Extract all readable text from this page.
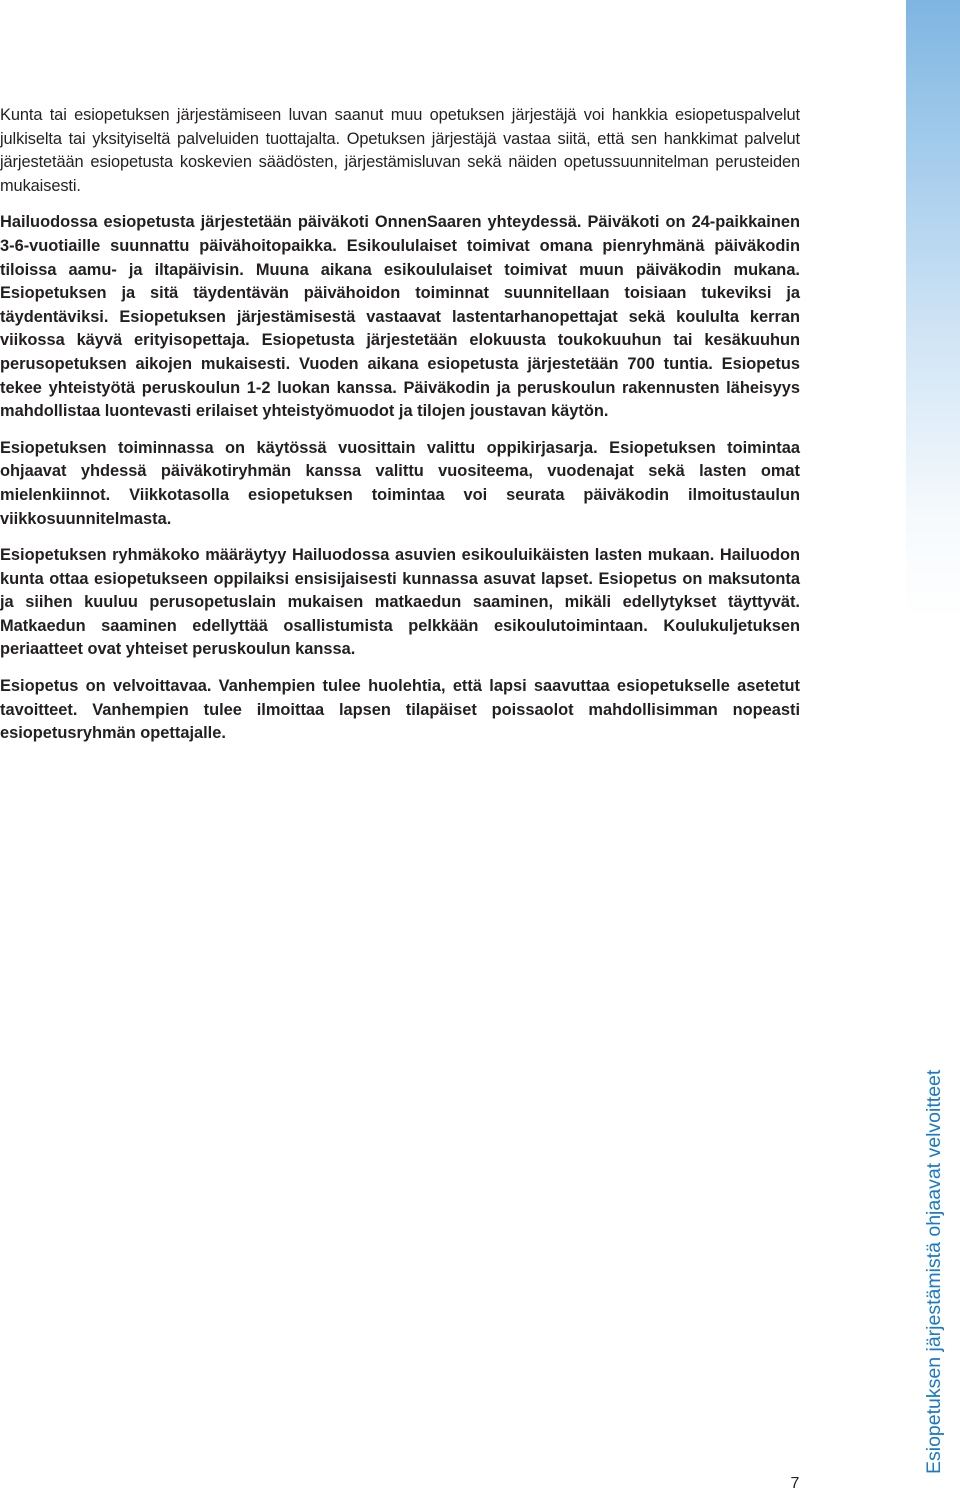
Kunta tai esiopetuksen järjestämiseen luvan saanut muu opetuksen järjestäjä voi hankkia esiopetuspalvelut julkiselta tai yksityiseltä palveluiden tuottajalta. Opetuksen järjestäjä vastaa siitä, että sen hankkimat palvelut järjestetään esiopetusta koskevien säädösten, järjestämisluvan sekä näiden opetussuunnitelman perusteiden mukaisesti.

Hailuodossa esiopetusta järjestetään päiväkoti OnnenSaaren yhteydessä. Päiväkoti on 24-paikkainen 3-6-vuotiaille suunnattu päivähoitopaikka. Esikoululaiset toimivat omana pienryhmänä päiväkodin tiloissa aamu- ja iltapäivisin. Muuna aikana esikoululaiset toimivat muun päiväkodin mukana. Esiopetuksen ja sitä täydentävän päivähoidon toiminnat suunnitellaan toisiaan tukeviksi ja täydentäviksi. Esiopetuksen järjestämisestä vastaavat lastentarhanopettajat sekä koululta kerran viikossa käyvä erityisopettaja. Esiopetusta järjestetään elokuusta toukokuuhun tai kesäkuuhun perusopetuksen aikojen mukaisesti. Vuoden aikana esiopetusta järjestetään 700 tuntia. Esiopetus tekee yhteistyötä peruskoulun 1-2 luokan kanssa. Päiväkodin ja peruskoulun rakennusten läheisyys mahdollistaa luontevasti erilaiset yhteistyömuodot ja tilojen joustavan käytön.

Esiopetuksen toiminnassa on käytössä vuosittain valittu oppikirjasarja. Esiopetuksen toimintaa ohjaavat yhdessä päiväkotiryhmän kanssa valittu vuositeema, vuodenajat sekä lasten omat mielenkiinnot. Viikkotasolla esiopetuksen toimintaa voi seurata päiväkodin ilmoitustaulun viikkosuunnitelmasta.

Esiopetuksen ryhmäkoko määräytyy Hailuodossa asuvien esikouluikäisten lasten mukaan. Hailuodon kunta ottaa esiopetukseen oppilaiksi ensisijaisesti kunnassa asuvat lapset. Esiopetus on maksutonta ja siihen kuuluu perusopetuslain mukaisen matkaedun saaminen, mikäli edellytykset täyttyvät. Matkaedun saaminen edellyttää osallistumista pelkkään esikoulutoimintaan. Koulukuljetuksen periaatteet ovat yhteiset peruskoulun kanssa.

Esiopetus on velvoittavaa. Vanhempien tulee huolehtia, että lapsi saavuttaa esiopetukselle asetetut tavoitteet. Vanhempien tulee ilmoittaa lapsen tilapäiset poissaolot mahdollisimman nopeasti esiopetusryhmän opettajalle.

Esiopetuksen järjestämistä ohjaavat velvoitteet
7
